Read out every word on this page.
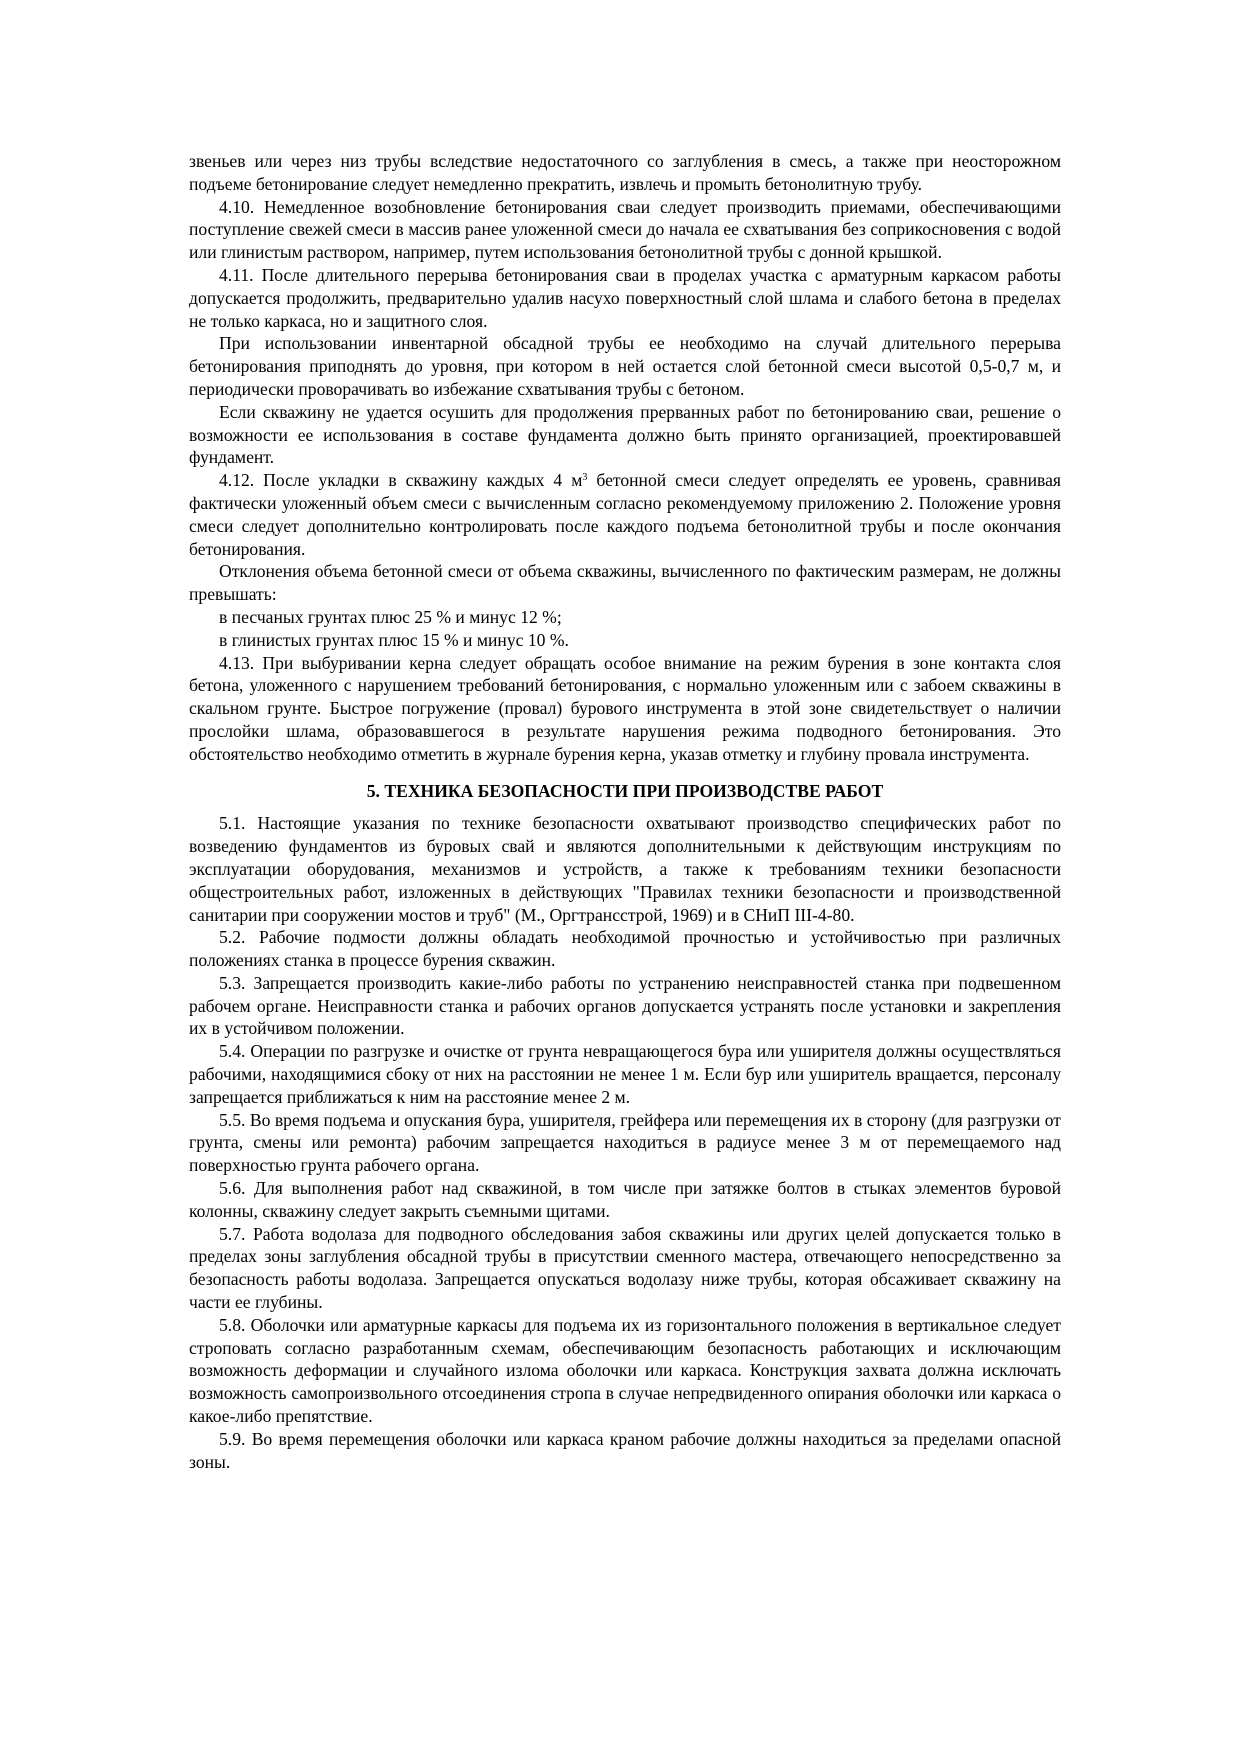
звеньев или через низ трубы вследствие недостаточного со заглубления в смесь, а также при неосторожном подъеме бетонирование следует немедленно прекратить, извлечь и промыть бетонолитную трубу.

4.10. Немедленное возобновление бетонирования сваи следует производить приемами, обеспечивающими поступление свежей смеси в массив ранее уложенной смеси до начала ее схватывания без соприкосновения с водой или глинистым раствором, например, путем использования бетонолитной трубы с донной крышкой.

4.11. После длительного перерыва бетонирования сваи в проделах участка с арматурным каркасом работы допускается продолжить, предварительно удалив насухо поверхностный слой шлама и слабого бетона в пределах не только каркаса, но и защитного слоя.

При использовании инвентарной обсадной трубы ее необходимо на случай длительного перерыва бетонирования приподнять до уровня, при котором в ней остается слой бетонной смеси высотой 0,5-0,7 м, и периодически проворачивать во избежание схватывания трубы с бетоном.

Если скважину не удается осушить для продолжения прерванных работ по бетонированию сваи, решение о возможности ее использования в составе фундамента должно быть принято организацией, проектировавшей фундамент.

4.12. После укладки в скважину каждых 4 $м^3$ бетонной смеси следует определять ее уровень, сравнивая фактически уложенный объем смеси с вычисленным согласно рекомендуемому приложению 2. Положение уровня смеси следует дополнительно контролировать после каждого подъема бетонолитной трубы и после окончания бетонирования.

Отклонения объема бетонной смеси от объема скважины, вычисленного по фактическим размерам, не должны превышать:

в песчаных грунтах плюс 25 % и минус 12 %;

в глинистых грунтах плюс 15 % и минус 10 %.

4.13. При выбуривании керна следует обращать особое внимание на режим бурения в зоне контакта слоя бетона, уложенного с нарушением требований бетонирования, с нормально уложенным или с забоем скважины в скальном грунте. Быстрое погружение (провал) бурового инструмента в этой зоне свидетельствует о наличии прослойки шлама, образовавшегося в результате нарушения режима подводного бетонирования. Это обстоятельство необходимо отметить в журнале бурения керна, указав отметку и глубину провала инструмента.

5. ТЕХНИКА БЕЗОПАСНОСТИ ПРИ ПРОИЗВОДСТВЕ РАБОТ

5.1. Настоящие указания по технике безопасности охватывают производство специфических работ по возведению фундаментов из буровых свай и являются дополнительными к действующим инструкциям по эксплуатации оборудования, механизмов и устройств, а также к требованиям техники безопасности общестроительных работ, изложенных в действующих "Правилах техники безопасности и производственной санитарии при сооружении мостов и труб" (М., Оргтрансстрой, 1969) и в СНиП III-4-80.

5.2. Рабочие подмости должны обладать необходимой прочностью и устойчивостью при различных положениях станка в процессе бурения скважин.

5.3. Запрещается производить какие-либо работы по устранению неисправностей станка при подвешенном рабочем органе. Неисправности станка и рабочих органов допускается устранять после установки и закрепления их в устойчивом положении.

5.4. Операции по разгрузке и очистке от грунта невращающегося бура или уширителя должны осуществляться рабочими, находящимися сбоку от них на расстоянии не менее 1 м. Если бур или уширитель вращается, персоналу запрещается приближаться к ним на расстояние менее 2 м.

5.5. Во время подъема и опускания бура, уширителя, грейфера или перемещения их в сторону (для разгрузки от грунта, смены или ремонта) рабочим запрещается находиться в радиусе менее 3 м от перемещаемого над поверхностью грунта рабочего органа.

5.6. Для выполнения работ над скважиной, в том числе при затяжке болтов в стыках элементов буровой колонны, скважину следует закрыть съемными щитами.

5.7. Работа водолаза для подводного обследования забоя скважины или других целей допускается только в пределах зоны заглубления обсадной трубы в присутствии сменного мастера, отвечающего непосредственно за безопасность работы водолаза. Запрещается опускаться водолазу ниже трубы, которая обсаживает скважину на части ее глубины.

5.8. Оболочки или арматурные каркасы для подъема их из горизонтального положения в вертикальное следует строповать согласно разработанным схемам, обеспечивающим безопасность работающих и исключающим возможность деформации и случайного излома оболочки или каркаса. Конструкция захвата должна исключать возможность самопроизвольного отсоединения стропа в случае непредвиденного опирания оболочки или каркаса о какое-либо препятствие.

5.9. Во время перемещения оболочки или каркаса краном рабочие должны находиться за пределами опасной зоны.
